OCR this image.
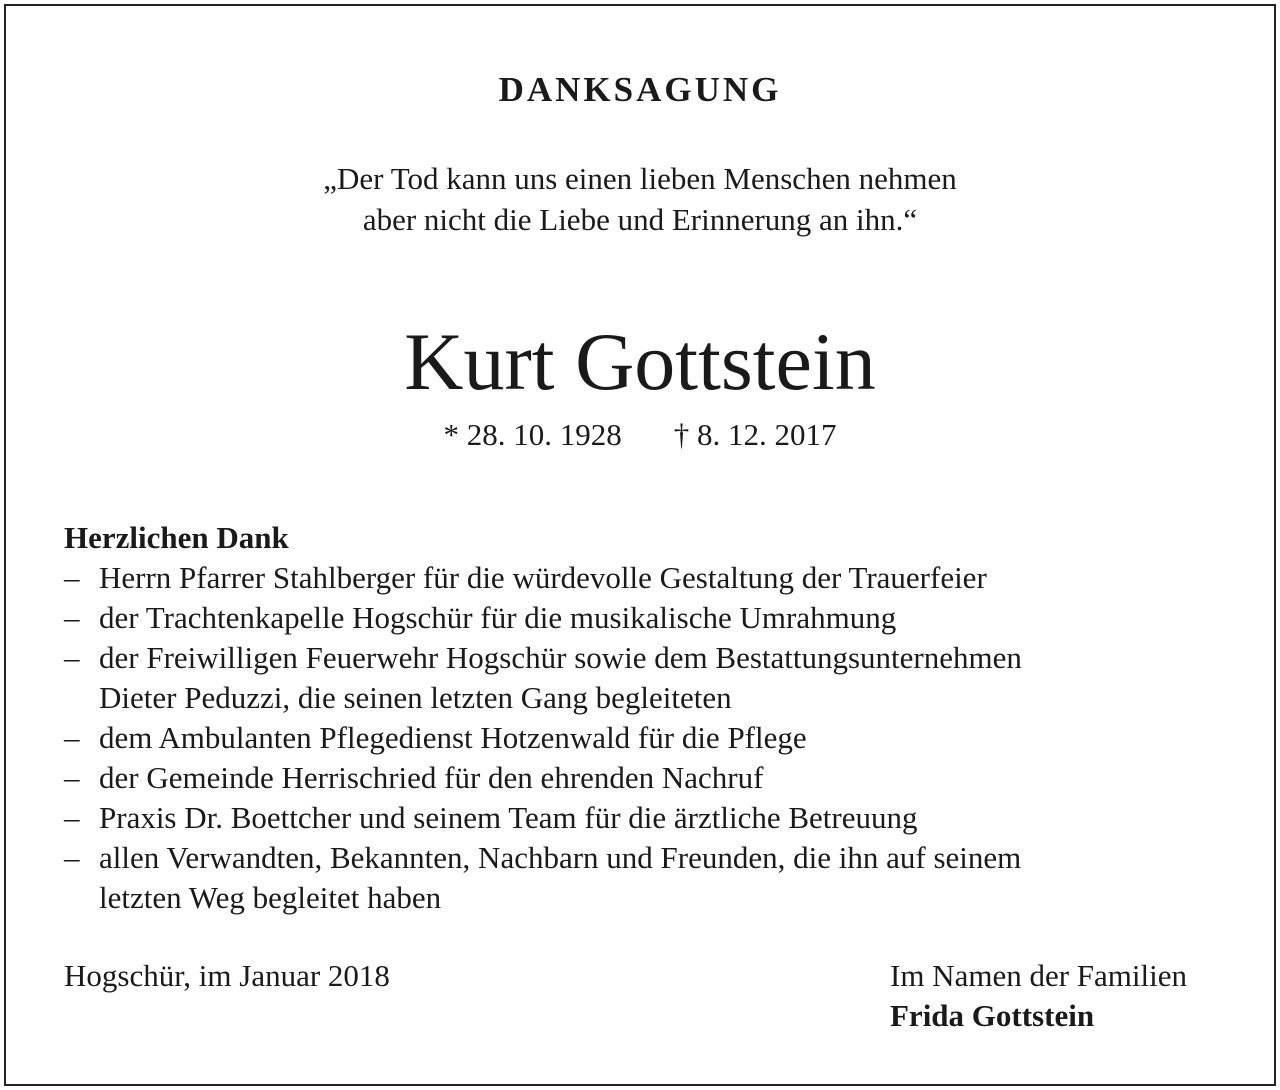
DANKSAGUNG
„Der Tod kann uns einen lieben Menschen nehmen
aber nicht die Liebe und Erinnerung an ihn.“
Kurt Gottstein
* 28. 10. 1928 † 8. 12. 2017
Herzlichen Dank
– Herrn Pfarrer Stahlberger für die würdevolle Gestaltung der Trauerfeier
– der Trachtenkapelle Hogschür für die musikalische Umrahmung
– der Freiwilligen Feuerwehr Hogschür sowie dem Bestattungsunternehmen
Dieter Peduzzi, die seinen letzten Gang begleiteten
– dem Ambulanten Pflegedienst Hotzenwald für die Pflege
– der Gemeinde Herrischried für den ehrenden Nachruf
– Praxis Dr. Boettcher und seinem Team für die ärztliche Betreuung
– allen Verwandten, Bekannten, Nachbarn und Freunden, die ihn auf seinem
letzten Weg begleitet haben
Hogschür, im Januar 2018	Im Namen der Familien
Frida Gottstein
